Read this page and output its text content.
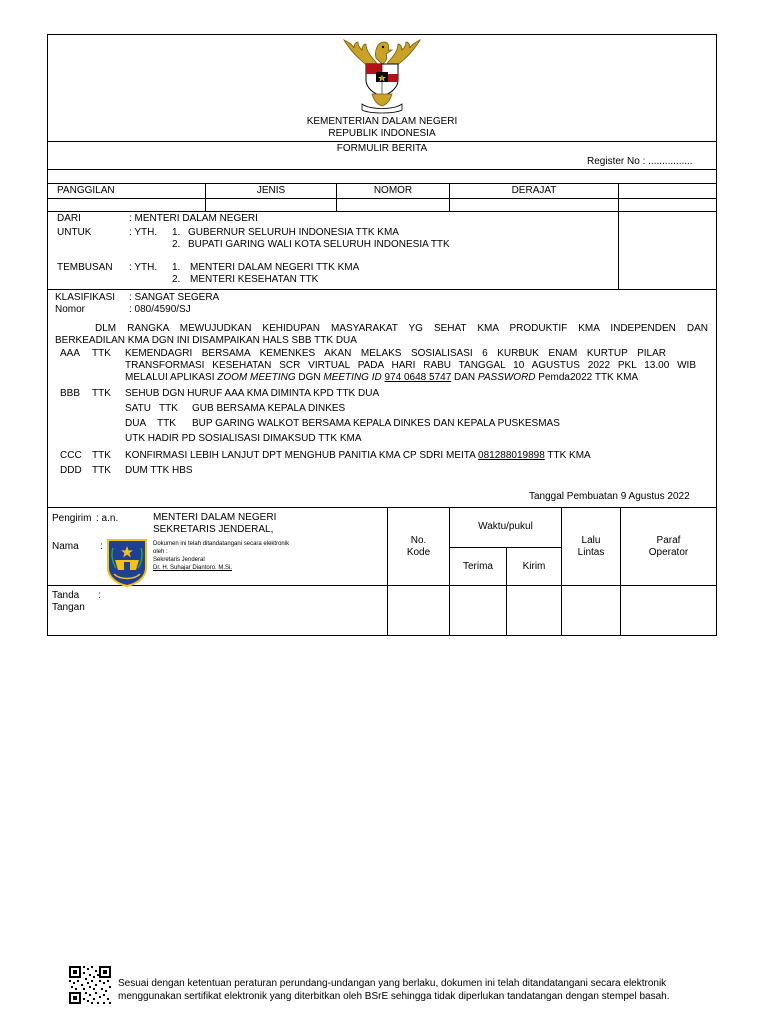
KEMENTERIAN DALAM NEGERI
REPUBLIK INDONESIA
FORMULIR BERITA
Register No : ................
PANGGILAN	JENIS	NOMOR	DERAJAT
DARI	: MENTERI DALAM NEGERI
UNTUK	: YTH. 1. GUBERNUR SELURUH INDONESIA TTK KMA
2. BUPATI GARING WALI KOTA SELURUH INDONESIA TTK
TEMBUSAN : YTH. 1. MENTERI DALAM NEGERI TTK KMA
2. MENTERI KESEHATAN TTK
KLASIFIKASI : SANGAT SEGERA
Nomor	: 080/4590/SJ
DLM RANGKA MEWUJUDKAN KEHIDUPAN MASYARAKAT YG SEHAT KMA PRODUKTIF KMA INDEPENDEN DAN
BERKEADILAN KMA DGN INI DISAMPAIKAN HALS SBB TTK DUA
AAA TTK KEMENDAGRI BERSAMA KEMENKES AKAN MELAKS SOSIALISASI 6 KURBUK ENAM KURTUP PILAR
TRANSFORMASI KESEHATAN SCR VIRTUAL PADA HARI RABU TANGGAL 10 AGUSTUS 2022 PKL 13.00 WIB
MELALUI APLIKASI ZOOM MEETING DGN MEETING ID 974 0648 5747 DAN PASSWORD Pemda2022 TTK KMA
BBB TTK SEHUB DGN HURUF AAA KMA DIMINTA KPD TTK DUA
SATU TTK GUB BERSAMA KEPALA DINKES
DUA TTK BUP GARING WALKOT BERSAMA KEPALA DINKES DAN KEPALA PUSKESMAS
UTK HADIR PD SOSIALISASI DIMAKSUD TTK KMA
CCC TTK KONFIRMASI LEBIH LANJUT DPT MENGHUB PANITIA KMA CP SDRI MEITA 081288019898 TTK KMA
DDD TTK DUM TTK HBS
Tanggal Pembuatan 9 Agustus 2022
Pengirim : a.n.	MENTERI DALAM NEGERI
SEKRETARIS JENDERAL,
Nama :	Dokumen ini telah ditandatangani secara elektronik
oleh :
Sekretaris Jenderal
Dr. H. Suhajar Diantoro. M.Si.
Tanda :
Tangan
No.
Kode
Waktu/pukul
Terima	Kirim
Lalu
Lintas
Paraf
Operator
Sesuai dengan ketentuan peraturan perundang-undangan yang berlaku, dokumen ini telah ditandatangani secara elektronik
menggunakan sertifikat elektronik yang diterbitkan oleh BSrE sehingga tidak diperlukan tandatangan dengan stempel basah.
